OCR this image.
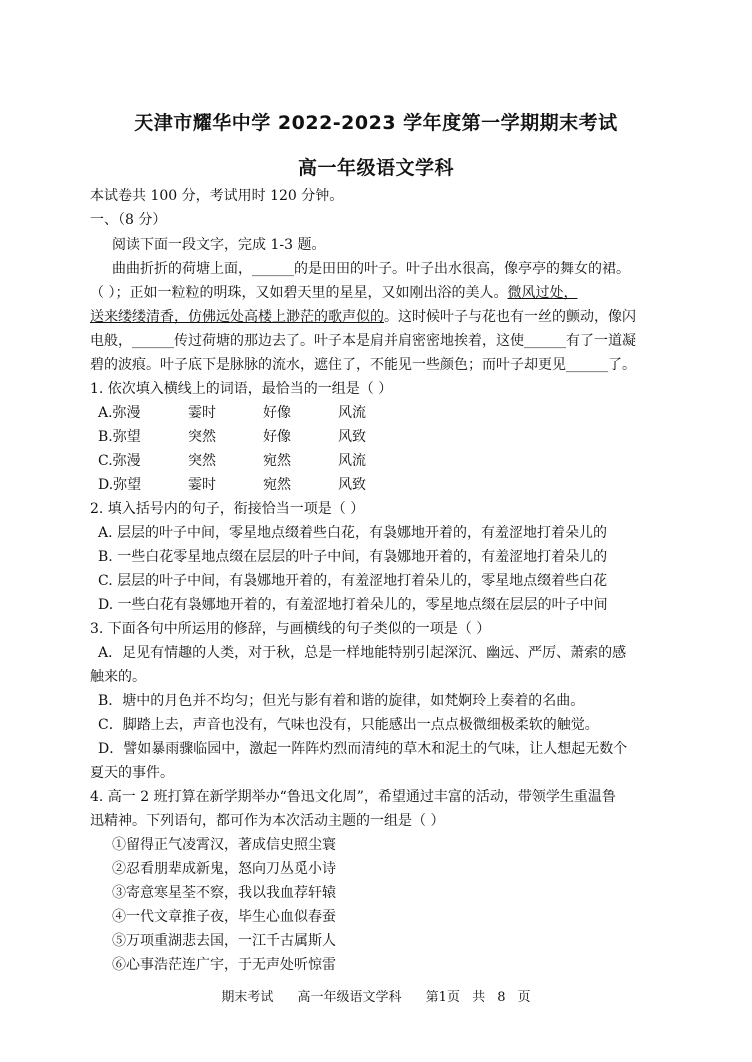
天津市耀华中学 2022-2023 学年度第一学期期末考试
高一年级语文学科
本试卷共 100 分，考试用时 120 分钟。
一、（8 分）
阅读下面一段文字，完成 1-3 题。
曲曲折折的荷塘上面，______的是田田的叶子。叶子出水很高，像亭亭的舞女的裙。
（ ）；正如一粒粒的明珠，又如碧天里的星星，又如刚出浴的美人。微风过处，
送来缕缕清香，仿佛远处高楼上渺茫的歌声似的。这时候叶子与花也有一丝的颤动，像闪
电般，______传过荷塘的那边去了。叶子本是肩并肩密密地挨着，这使______有了一道凝
碧的波痕。叶子底下是脉脉的流水，遮住了，不能见一些颜色；而叶子却更见______了。
1. 依次填入横线上的词语，最恰当的一组是（ ）
A.弥漫	霎时	好像	风流
B.弥望	突然	好像	风致
C.弥漫	突然	宛然	风流
D.弥望	霎时	宛然	风致
2. 填入括号内的句子，衔接恰当一项是（ ）
A. 层层的叶子中间，零星地点缀着些白花，有袅娜地开着的，有羞涩地打着朵儿的
B. 一些白花零星地点缀在层层的叶子中间，有袅娜地开着的，有羞涩地打着朵儿的
C. 层层的叶子中间，有袅娜地开着的，有羞涩地打着朵儿的，零星地点缀着些白花
D. 一些白花有袅娜地开着的，有羞涩地打着朵儿的，零星地点缀在层层的叶子中间
3. 下面各句中所运用的修辞，与画横线的句子类似的一项是（ ）
A．足见有情趣的人类，对于秋，总是一样地能特别引起深沉、幽远、严厉、萧索的感
触来的。
B．塘中的月色并不均匀；但光与影有着和谐的旋律，如梵婀玲上奏着的名曲。
C．脚踏上去，声音也没有，气味也没有，只能感出一点点极微细极柔软的触觉。
D．譬如暴雨骤临园中，激起一阵阵灼烈而清纯的草木和泥土的气味，让人想起无数个
夏天的事件。
4. 高一 2 班打算在新学期举办“鲁迅文化周”，希望通过丰富的活动，带领学生重温鲁
迅精神。下列语句，都可作为本次活动主题的一组是（ ）
①留得正气凌霄汉，著成信史照尘寰
②忍看朋辈成新鬼，怒向刀丛觅小诗
③寄意寒星荃不察，我以我血荐轩辕
④一代文章推子夜，毕生心血似春蚕
⑤万项重湖悲去国，一江千古属斯人
⑥心事浩茫连广宇，于无声处听惊雷
期末考试 高一年级语文学科 第1页 共 8 页
